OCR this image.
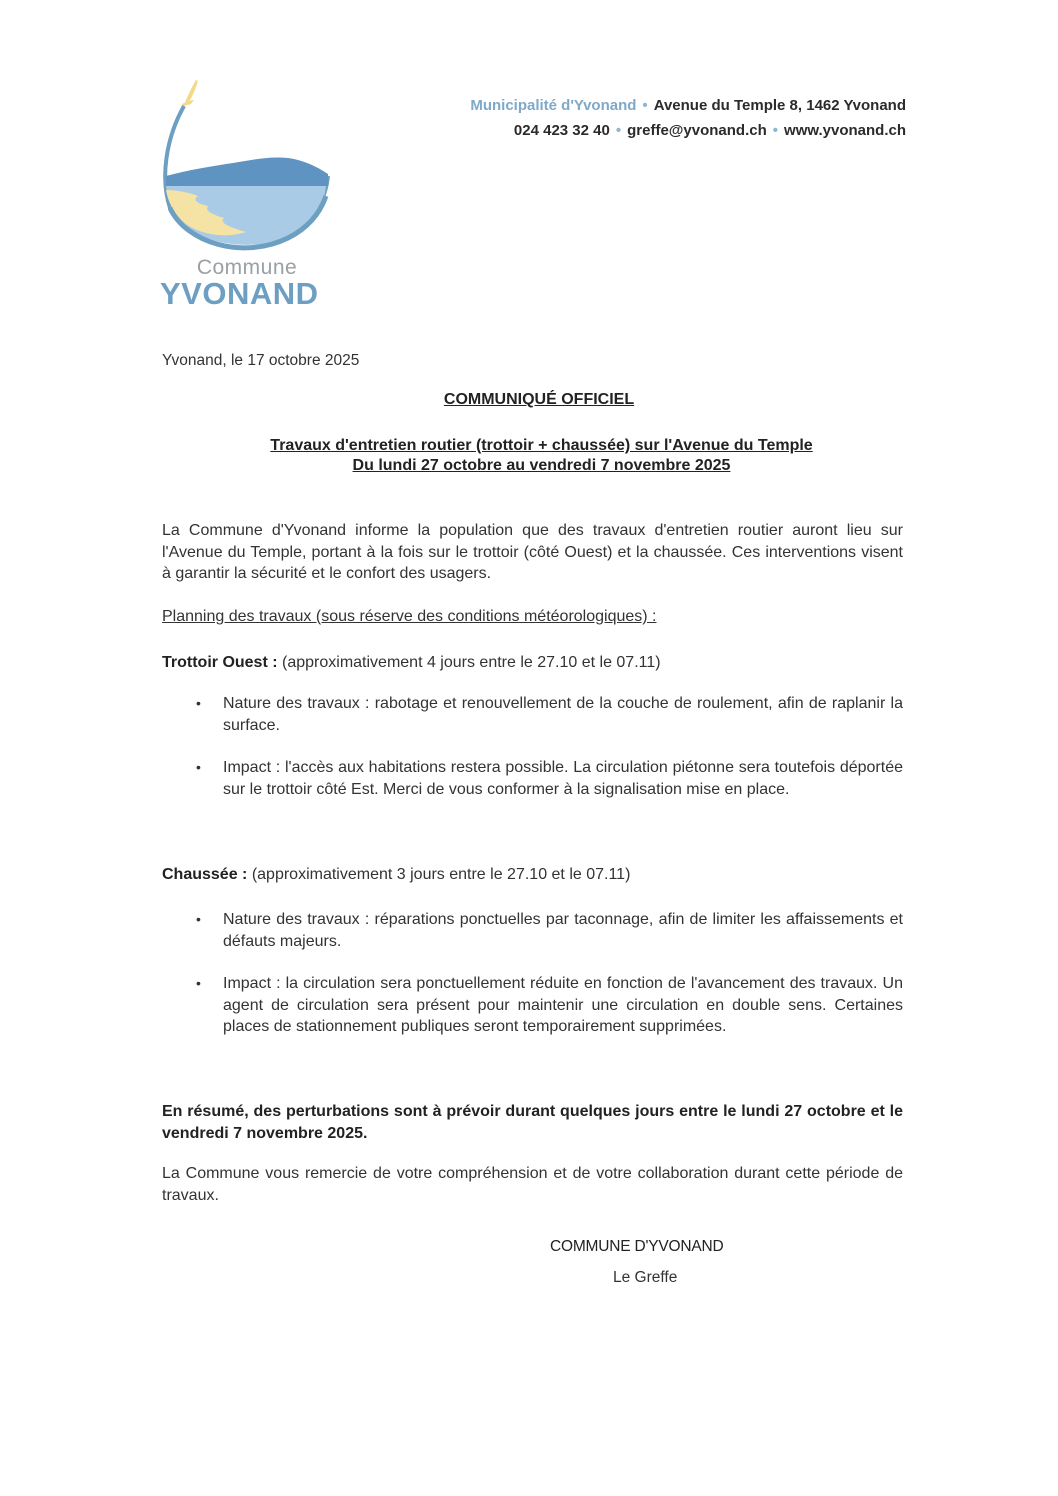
Commune
YVONAND
Municipalité d'Yvonand • Avenue du Temple 8, 1462 Yvonand
024 423 32 40 • greffe@yvonand.ch • www.yvonand.ch
Yvonand, le 17 octobre 2025
COMMUNIQUÉ OFFICIEL
Travaux d'entretien routier (trottoir + chaussée) sur l'Avenue du Temple
Du lundi 27 octobre au vendredi 7 novembre 2025
La Commune d'Yvonand informe la population que des travaux d'entretien routier auront lieu sur l'Avenue du Temple, portant à la fois sur le trottoir (côté Ouest) et la chaussée. Ces interventions visent à garantir la sécurité et le confort des usagers.
Planning des travaux (sous réserve des conditions météorologiques) :
Trottoir Ouest : (approximativement 4 jours entre le 27.10 et le 07.11)
• Nature des travaux : rabotage et renouvellement de la couche de roulement, afin de raplanir la surface.
• Impact : l'accès aux habitations restera possible. La circulation piétonne sera toutefois déportée sur le trottoir côté Est. Merci de vous conformer à la signalisation mise en place.
Chaussée : (approximativement 3 jours entre le 27.10 et le 07.11)
• Nature des travaux : réparations ponctuelles par taconnage, afin de limiter les affaissements et défauts majeurs.
• Impact : la circulation sera ponctuellement réduite en fonction de l'avancement des travaux. Un agent de circulation sera présent pour maintenir une circulation en double sens. Certaines places de stationnement publiques seront temporairement supprimées.
En résumé, des perturbations sont à prévoir durant quelques jours entre le lundi 27 octobre et le vendredi 7 novembre 2025.
La Commune vous remercie de votre compréhension et de votre collaboration durant cette période de travaux.
COMMUNE D'YVONAND
Le Greffe
